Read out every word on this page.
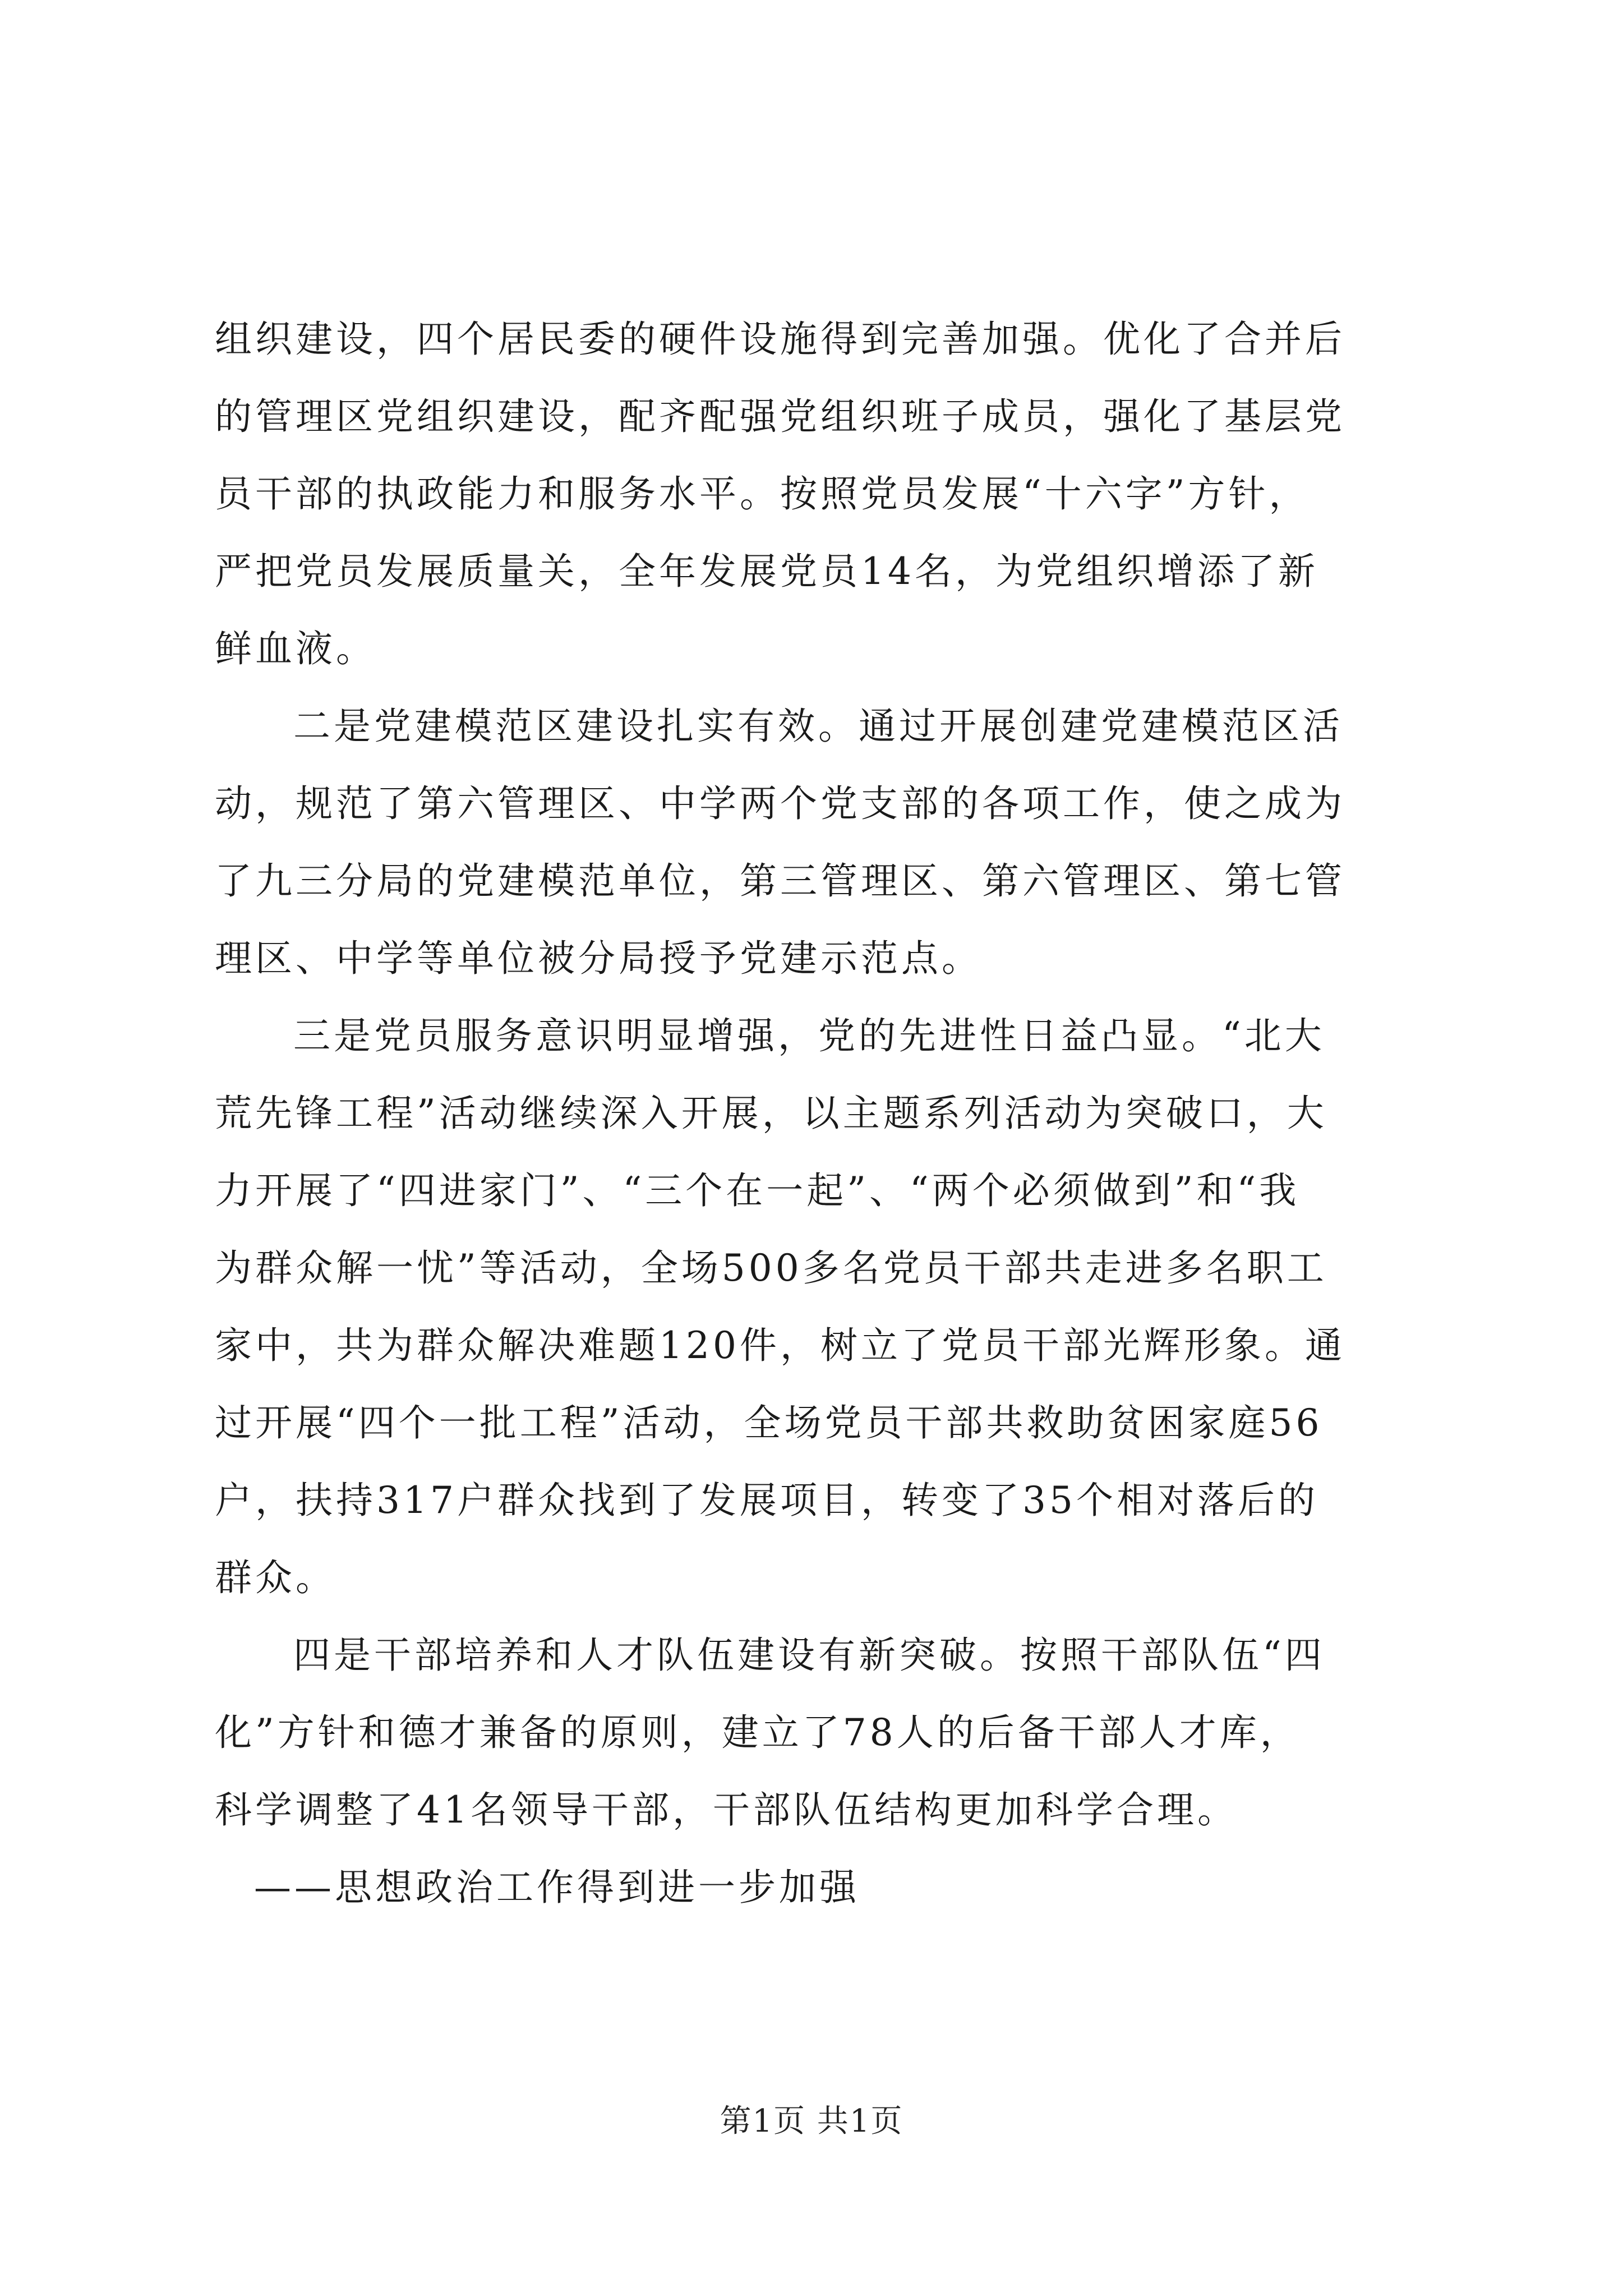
组织建设，四个居民委的硬件设施得到完善加强。优化了合并后
的管理区党组织建设，配齐配强党组织班子成员，强化了基层党
员干部的执政能力和服务水平。按照党员发展“十六字”方针，
严把党员发展质量关，全年发展党员14名，为党组织增添了新
鲜血液。
二是党建模范区建设扎实有效。通过开展创建党建模范区活
动，规范了第六管理区、中学两个党支部的各项工作，使之成为
了九三分局的党建模范单位，第三管理区、第六管理区、第七管
理区、中学等单位被分局授予党建示范点。
三是党员服务意识明显增强，党的先进性日益凸显。“北大
荒先锋工程”活动继续深入开展，以主题系列活动为突破口，大
力开展了“四进家门”、“三个在一起”、“两个必须做到”和“我
为群众解一忧”等活动，全场500多名党员干部共走进多名职工
家中，共为群众解决难题120件，树立了党员干部光辉形象。通
过开展“四个一批工程”活动，全场党员干部共救助贫困家庭56
户，扶持317户群众找到了发展项目，转变了35个相对落后的
群众。
四是干部培养和人才队伍建设有新突破。按照干部队伍“四
化”方针和德才兼备的原则，建立了78人的后备干部人才库，
科学调整了41名领导干部，干部队伍结构更加科学合理。
——思想政治工作得到进一步加强
第1页 共1页
